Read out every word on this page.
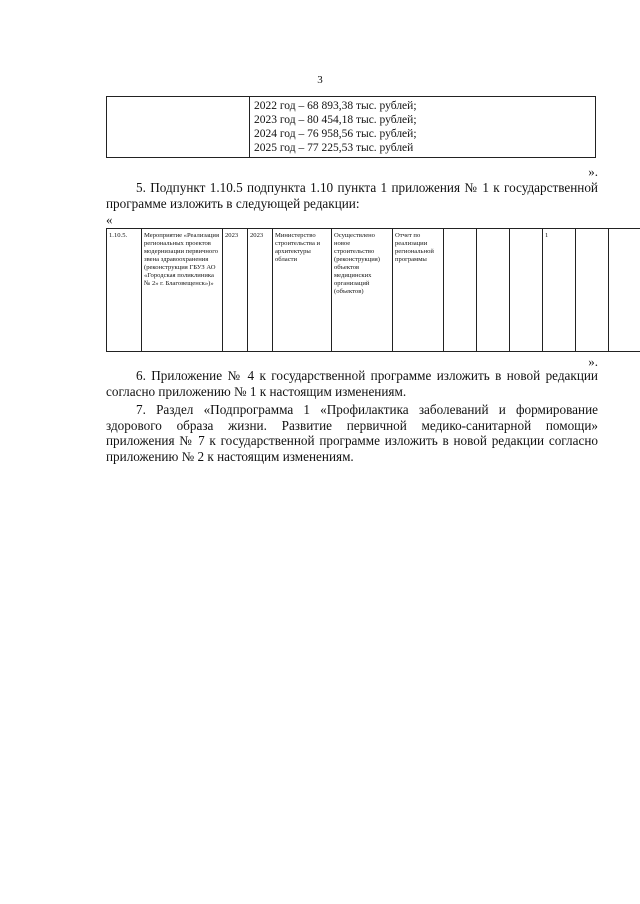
3

2022 год – 68 893,38 тыс. рублей;
2023 год – 80 454,18 тыс. рублей;
2024 год – 76 958,56 тыс. рублей;
2025 год – 77 225,53 тыс. рублей
».
5. Подпункт 1.10.5 подпункта 1.10 пункта 1 приложения № 1 к государственной программе изложить в следующей редакции:
«
1.10.5.	Мероприятие «Реализация региональных проектов модернизации первичного звена здравоохранения (реконструкция ГБУЗ АО «Городская поликлиника № 2» г. Благовещенск»)»	2023	2023	Министерство строительства и архитектуры области	Осуществлено новое строительство (реконструкция) объектов медицинских организаций (объектов)	Отчет по реализации региональной программы				1		
».
6. Приложение № 4 к государственной программе изложить в новой редакции согласно приложению № 1 к настоящим изменениям.
7. Раздел «Подпрограмма 1 «Профилактика заболеваний и формирование здорового образа жизни. Развитие первичной медико-санитарной помощи» приложения № 7 к государственной программе изложить в новой редакции согласно приложению № 2 к настоящим изменениям.
